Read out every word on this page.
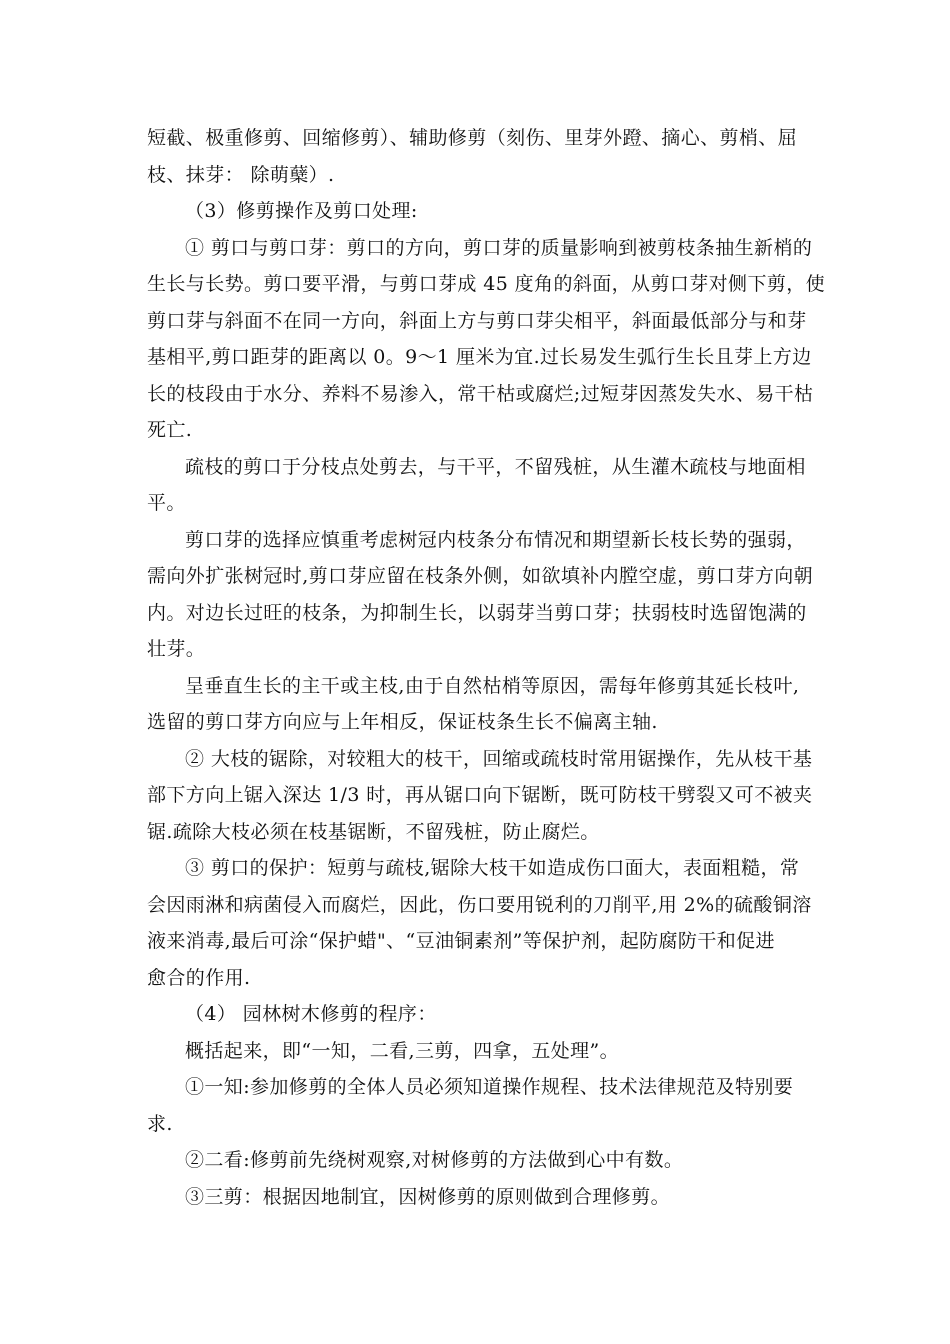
短截、极重修剪、回缩修剪）、辅助修剪（刻伤、里芽外蹬、摘心、剪梢、屈
枝、抹芽： 除萌蘖）.
（3）修剪操作及剪口处理:
① 剪口与剪口芽：剪口的方向，剪口芽的质量影响到被剪枝条抽生新梢的
生长与长势。剪口要平滑，与剪口芽成 45 度角的斜面，从剪口芽对侧下剪，使
剪口芽与斜面不在同一方向，斜面上方与剪口芽尖相平，斜面最低部分与和芽
基相平,剪口距芽的距离以 0。9～1 厘米为宜.过长易发生弧行生长且芽上方边
长的枝段由于水分、养料不易渗入，常干枯或腐烂;过短芽因蒸发失水、易干枯
死亡.
疏枝的剪口于分枝点处剪去，与干平，不留残桩，从生灌木疏枝与地面相
平。
剪口芽的选择应慎重考虑树冠内枝条分布情况和期望新长枝长势的强弱，
需向外扩张树冠时,剪口芽应留在枝条外侧，如欲填补内膛空虚，剪口芽方向朝
内。对边长过旺的枝条，为抑制生长，以弱芽当剪口芽；扶弱枝时选留饱满的
壮芽。
呈垂直生长的主干或主枝,由于自然枯梢等原因，需每年修剪其延长枝叶,
选留的剪口芽方向应与上年相反，保证枝条生长不偏离主轴.
② 大枝的锯除，对较粗大的枝干，回缩或疏枝时常用锯操作，先从枝干基
部下方向上锯入深达 1/3 时，再从锯口向下锯断，既可防枝干劈裂又可不被夹
锯.疏除大枝必须在枝基锯断，不留残桩，防止腐烂。
③ 剪口的保护：短剪与疏枝,锯除大枝干如造成伤口面大，表面粗糙，常
会因雨淋和病菌侵入而腐烂，因此，伤口要用锐利的刀削平,用 2%的硫酸铜溶
液来消毒,最后可涂“保护蜡"、“豆油铜素剂”等保护剂，起防腐防干和促进
愈合的作用.
（4） 园林树木修剪的程序：
概括起来，即“一知，二看,三剪，四拿，五处理”。
①一知:参加修剪的全体人员必须知道操作规程、技术法律规范及特别要
求.
②二看:修剪前先绕树观察,对树修剪的方法做到心中有数。
③三剪：根据因地制宜，因树修剪的原则做到合理修剪。
